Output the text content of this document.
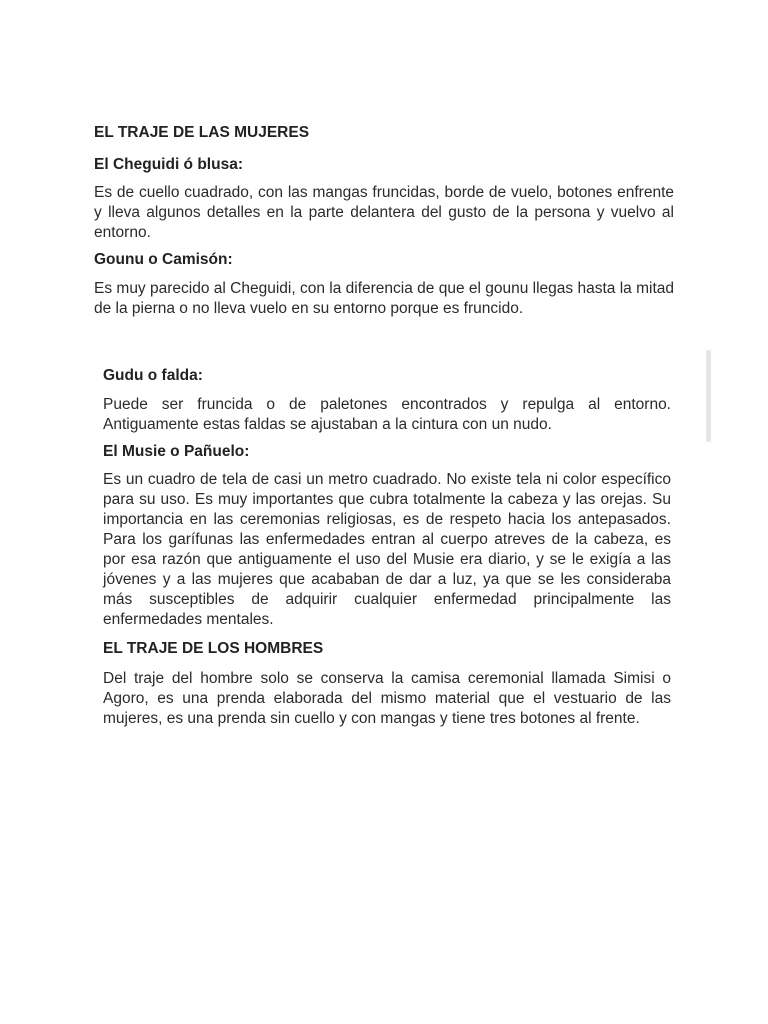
EL TRAJE DE LAS MUJERES
El Cheguidi ó blusa:

Es de cuello cuadrado, con las mangas fruncidas, borde de vuelo, botones enfrente y lleva algunos detalles en la parte delantera del gusto de la persona y vuelvo al entorno.

Gounu o Camisón:

Es muy parecido al Cheguidi, con la diferencia de que el gounu llegas hasta la mitad de la pierna o no lleva vuelo en su entorno porque es fruncido.

Gudu o falda:

Puede ser fruncida o de paletones encontrados y repulga al entorno. Antiguamente estas faldas se ajustaban a la cintura con un nudo.

El Musie o Pañuelo:

Es un cuadro de tela de casi un metro cuadrado. No existe tela ni color específico para su uso. Es muy importantes que cubra totalmente la cabeza y las orejas. Su importancia en las ceremonias religiosas, es de respeto hacia los antepasados. Para los garífunas las enfermedades entran al cuerpo atreves de la cabeza, es por esa razón que antiguamente el uso del Musie era diario, y se le exigía a las jóvenes y a las mujeres que acababan de dar a luz, ya que se les consideraba más susceptibles de adquirir cualquier enfermedad principalmente las enfermedades mentales.

EL TRAJE DE LOS HOMBRES

Del traje del hombre solo se conserva la camisa ceremonial llamada Simisi o Agoro, es una prenda elaborada del mismo material que el vestuario de las mujeres, es una prenda sin cuello y con mangas y tiene tres botones al frente.
